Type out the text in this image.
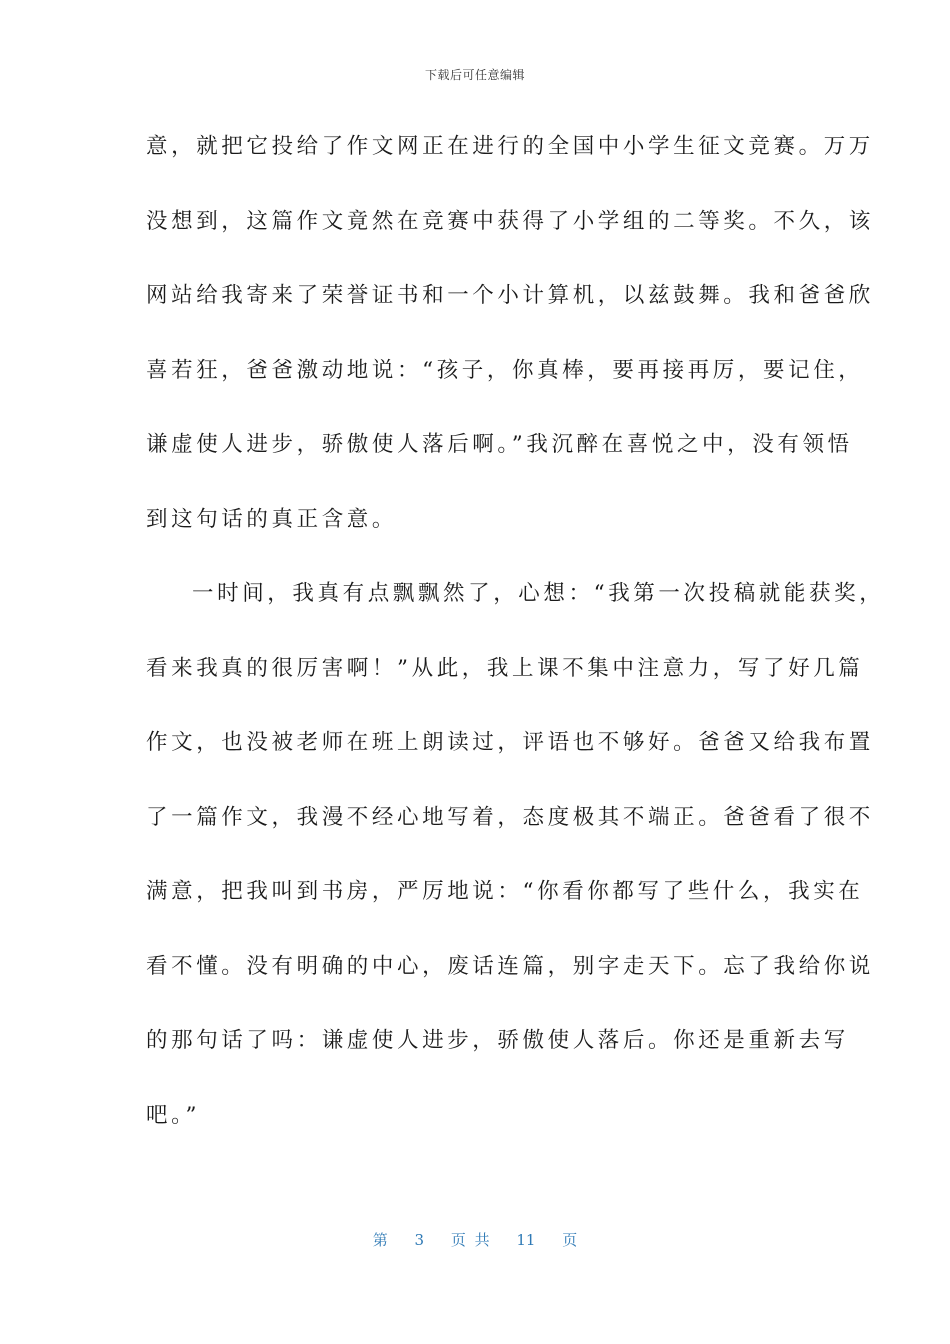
下载后可任意编辑
意，就把它投给了作文网正在进行的全国中小学生征文竞赛。万万
没想到，这篇作文竟然在竞赛中获得了小学组的二等奖。不久，该
网站给我寄来了荣誉证书和一个小计算机，以兹鼓舞。我和爸爸欣
喜若狂，爸爸激动地说：“孩子，你真棒，要再接再厉，要记住，
谦虚使人进步，骄傲使人落后啊。”我沉醉在喜悦之中，没有领悟
到这句话的真正含意。
一时间，我真有点飘飘然了，心想：“我第一次投稿就能获奖，
看来我真的很厉害啊！”从此，我上课不集中注意力，写了好几篇
作文，也没被老师在班上朗读过，评语也不够好。爸爸又给我布置
了一篇作文，我漫不经心地写着，态度极其不端正。爸爸看了很不
满意，把我叫到书房，严厉地说：“你看你都写了些什么，我实在
看不懂。没有明确的中心，废话连篇，别字走天下。忘了我给你说
的那句话了吗：谦虚使人进步，骄傲使人落后。你还是重新去写
吧。”
第 3 页 共 11 页
